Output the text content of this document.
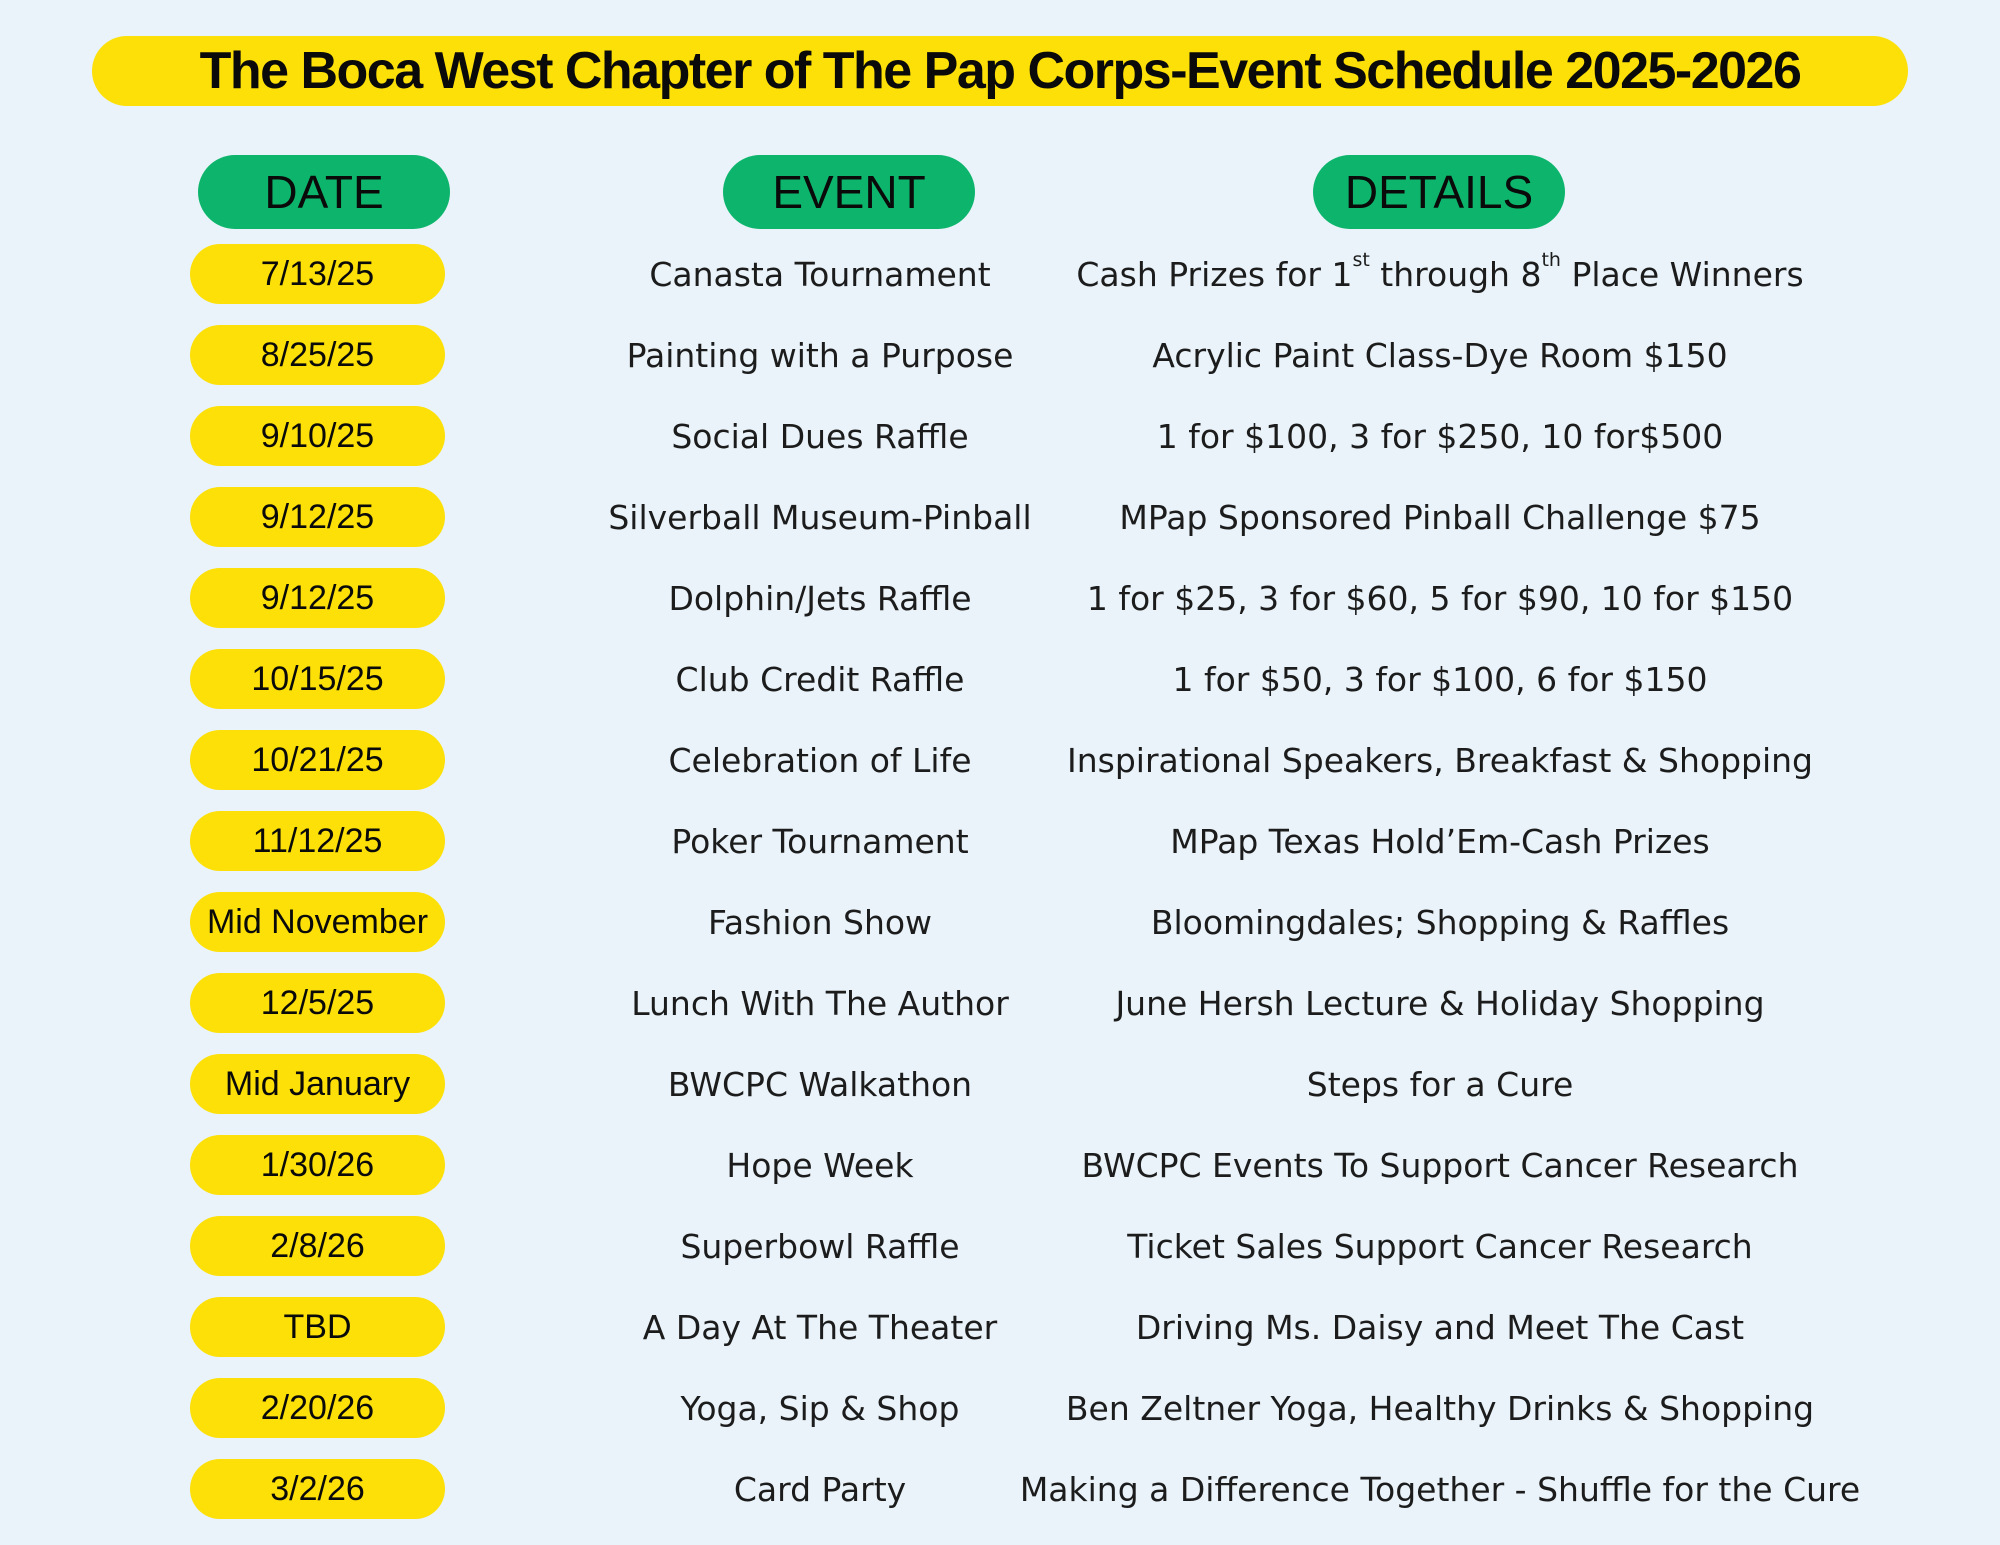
The Boca West Chapter of The Pap Corps-Event Schedule 2025-2026
DATE	EVENT	DETAILS
7/13/25	Canasta Tournament	Cash Prizes for 1st through 8th Place Winners
8/25/25	Painting with a Purpose	Acrylic Paint Class-Dye Room $150
9/10/25	Social Dues Raffle	1 for $100, 3 for $250, 10 for$500
9/12/25	Silverball Museum-Pinball	MPap Sponsored Pinball Challenge $75
9/12/25	Dolphin/Jets Raffle	1 for $25, 3 for $60, 5 for $90, 10 for $150
10/15/25	Club Credit Raffle	1 for $50, 3 for $100, 6 for $150
10/21/25	Celebration of Life	Inspirational Speakers, Breakfast & Shopping
11/12/25	Poker Tournament	MPap Texas Hold’Em-Cash Prizes
Mid November	Fashion Show	Bloomingdales; Shopping & Raffles
12/5/25	Lunch With The Author	June Hersh Lecture & Holiday Shopping
Mid January	BWCPC Walkathon	Steps for a Cure
1/30/26	Hope Week	BWCPC Events To Support Cancer Research
2/8/26	Superbowl Raffle	Ticket Sales Support Cancer Research
TBD	A Day At The Theater	Driving Ms. Daisy and Meet The Cast
2/20/26	Yoga, Sip & Shop	Ben Zeltner Yoga, Healthy Drinks & Shopping
3/2/26	Card Party	Making a Difference Together - Shuffle for the Cure
